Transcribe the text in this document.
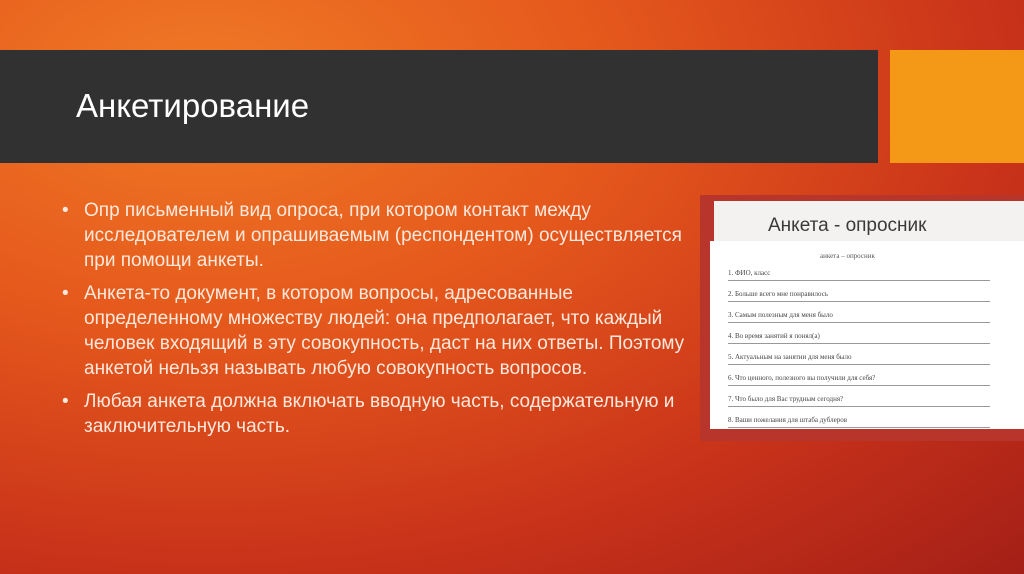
Анкетирование
• Опр письменный вид опроса, при котором контакт между исследователем и опрашиваемым (респондентом) осуществляется при помощи анкеты.
• Анкета-то документ, в котором вопросы, адресованные определенному множеству людей: она предполагает, что каждый человек входящий в эту совокупность, даст на них ответы. Поэтому анкетой нельзя называть любую совокупность вопросов.
• Любая анкета должна включать вводную часть, содержательную и заключительную часть.
Анкета - опросник
анкета – опросник
1. ФИО, класс
2. Больше всего мне понравилось
3. Самым полезным для меня было
4. Во время занятий я понял(а)
5. Актуальным на занятии для меня было
6. Что ценного, полезного вы получили для себя?
7. Что было для Вас трудным сегодня?
8. Ваши пожелания для штаба дублеров
